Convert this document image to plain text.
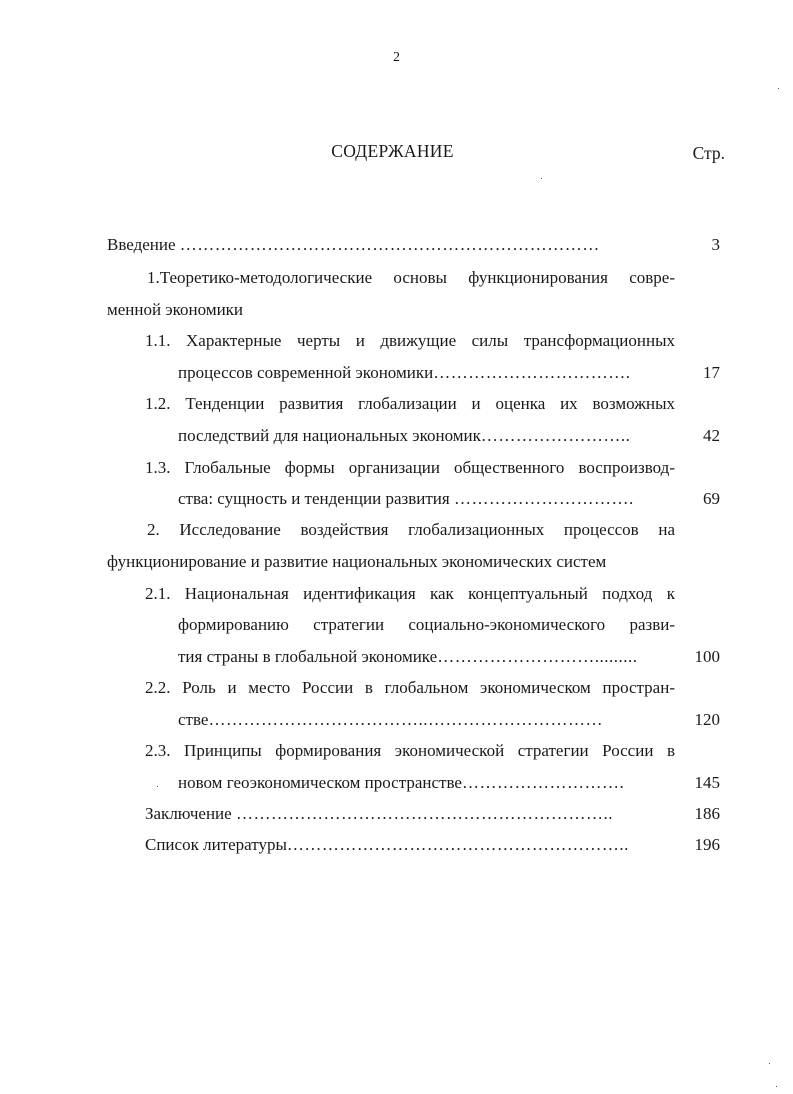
2
СОДЕРЖАНИЕ	Стр.
Введение ………………………………………………………………	3
1.Теоретико-методологические основы функционирования совре-
менной экономики
1.1. Характерные черты и движущие силы трансформационных
процессов современной экономики…………………………….	17
1.2. Тенденции развития глобализации и оценка их возможных
последствий для национальных экономик……………………..	42
1.3. Глобальные формы организации общественного воспроизвод-
ства: сущность и тенденции развития ………………………….	69
2. Исследование воздействия глобализационных процессов на
функционирование и развитие национальных экономических систем
2.1. Национальная идентификация как концептуальный подход к
формированию стратегии социально-экономического разви-
тия страны в глобальной экономике……………………….........	100
2.2. Роль и место России в глобальном экономическом простран-
стве………………………………..…………………………	120
2.3. Принципы формирования экономической стратегии России в
новом геоэкономическом пространстве……………………….	145
Заключение ………………………………………………………..	186
Список литературы…………………………………………………..	196
